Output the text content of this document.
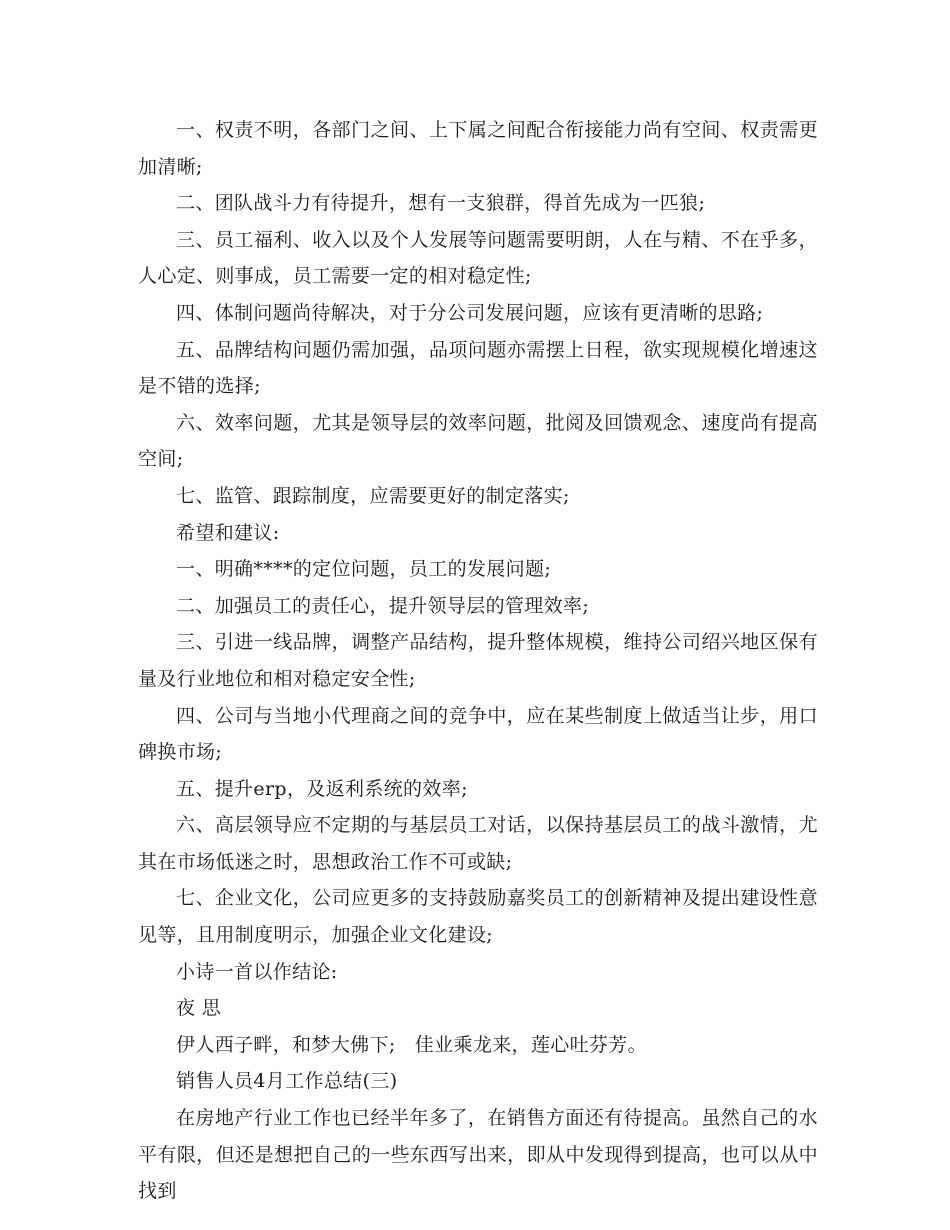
一、权责不明，各部门之间、上下属之间配合衔接能力尚有空间、权责需更加清晰;

二、团队战斗力有待提升，想有一支狼群，得首先成为一匹狼;

三、员工福利、收入以及个人发展等问题需要明朗，人在与精、不在乎多，人心定、则事成，员工需要一定的相对稳定性;

四、体制问题尚待解决，对于分公司发展问题，应该有更清晰的思路;

五、品牌结构问题仍需加强，品项问题亦需摆上日程，欲实现规模化增速这是不错的选择;

六、效率问题，尤其是领导层的效率问题，批阅及回馈观念、速度尚有提高空间;

七、监管、跟踪制度，应需要更好的制定落实;

希望和建议:

一、明确****的定位问题，员工的发展问题;

二、加强员工的责任心，提升领导层的管理效率;

三、引进一线品牌，调整产品结构，提升整体规模，维持公司绍兴地区保有量及行业地位和相对稳定安全性;

四、公司与当地小代理商之间的竞争中，应在某些制度上做适当让步，用口碑换市场;

五、提升erp，及返利系统的效率;

六、高层领导应不定期的与基层员工对话，以保持基层员工的战斗激情，尤其在市场低迷之时，思想政治工作不可或缺;

七、企业文化，公司应更多的支持鼓励嘉奖员工的创新精神及提出建设性意见等，且用制度明示，加强企业文化建设;

小诗一首以作结论:

夜 思

伊人西子畔，和梦大佛下;   佳业乘龙来，莲心吐芬芳。

销售人员4月工作总结(三)

在房地产行业工作也已经半年多了，在销售方面还有待提高。虽然自己的水平有限，但还是想把自己的一些东西写出来，即从中发现得到提高，也可以从中找到
